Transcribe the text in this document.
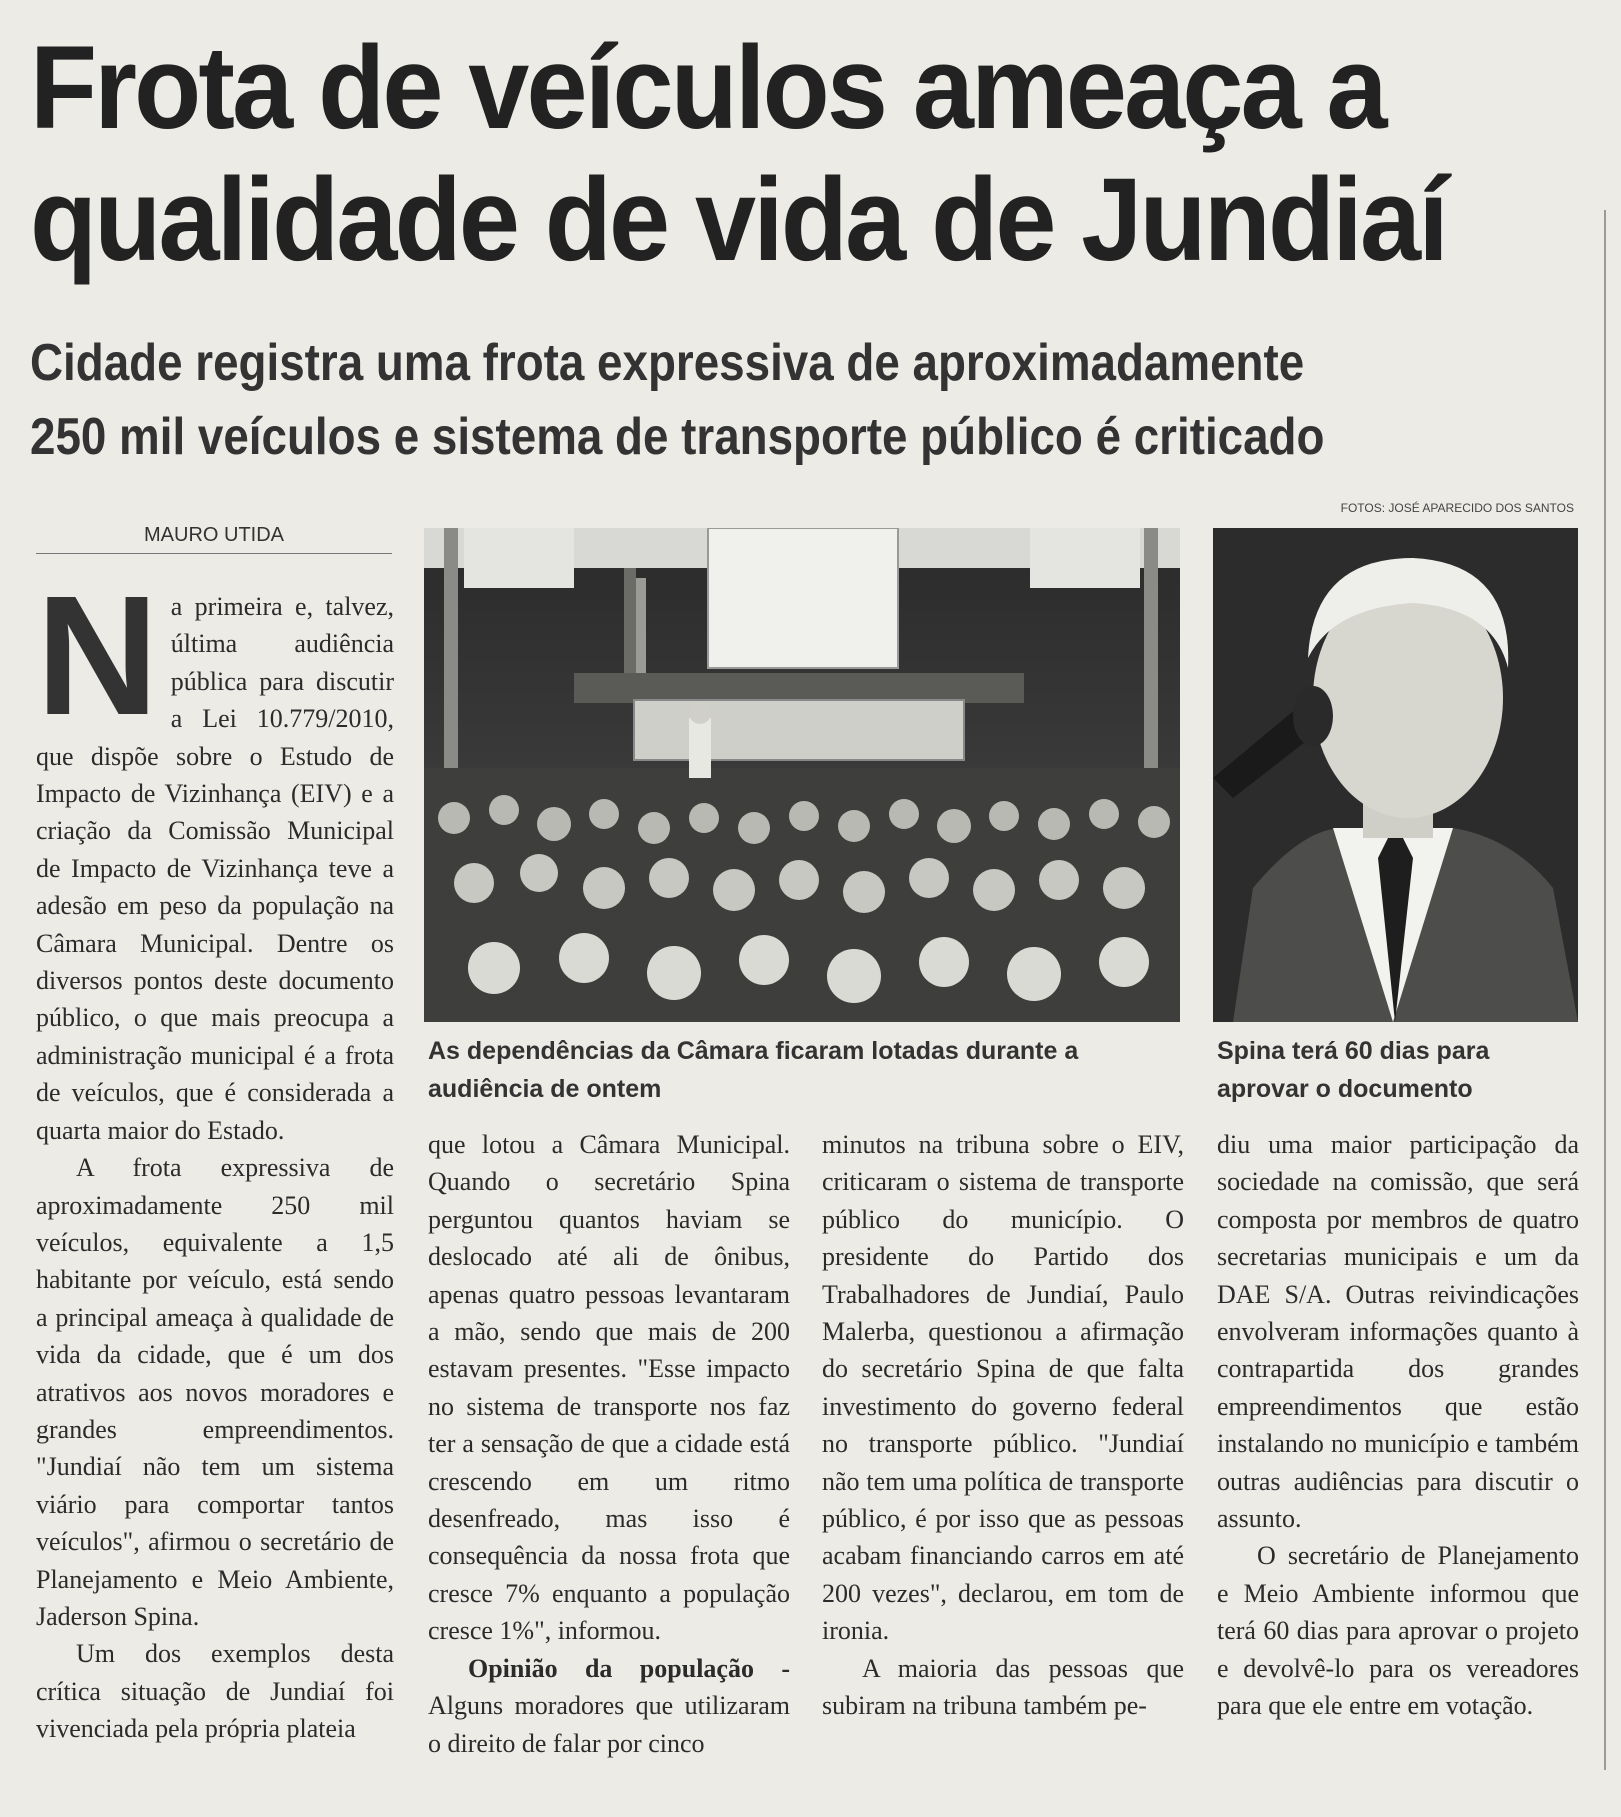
Frota de veículos ameaça a qualidade de vida de Jundiaí
Cidade registra uma frota expressiva de aproximadamente 250 mil veículos e sistema de transporte público é criticado
FOTOS: JOSÉ APARECIDO DOS SANTOS
MAURO UTIDA

As dependências da Câmara ficaram lotadas durante a audiência de ontem

Spina terá 60 dias para aprovar o documento

Na primeira e, talvez, última audiência pública para discutir a Lei 10.779/2010, que dispõe sobre o Estudo de Impacto de Vizinhança (EIV) e a criação da Comissão Municipal de Impacto de Vizinhança teve a adesão em peso da população na Câmara Municipal. Dentre os diversos pontos deste documento público, o que mais preocupa a administração municipal é a frota de veículos, que é considerada a quarta maior do Estado.

A frota expressiva de aproximadamente 250 mil veículos, equivalente a 1,5 habitante por veículo, está sendo a principal ameaça à qualidade de vida da cidade, que é um dos atrativos aos novos moradores e grandes empreendimentos. "Jundiaí não tem um sistema viário para comportar tantos veículos", afirmou o secretário de Planejamento e Meio Ambiente, Jaderson Spina.

Um dos exemplos desta crítica situação de Jundiaí foi vivenciada pela própria plateia

que lotou a Câmara Municipal. Quando o secretário Spina perguntou quantos haviam se deslocado até ali de ônibus, apenas quatro pessoas levantaram a mão, sendo que mais de 200 estavam presentes. "Esse impacto no sistema de transporte nos faz ter a sensação de que a cidade está crescendo em um ritmo desenfreado, mas isso é consequência da nossa frota que cresce 7% enquanto a população cresce 1%", informou.

Opinião da população - Alguns moradores que utilizaram o direito de falar por cinco

minutos na tribuna sobre o EIV, criticaram o sistema de transporte público do município. O presidente do Partido dos Trabalhadores de Jundiaí, Paulo Malerba, questionou a afirmação do secretário Spina de que falta investimento do governo federal no transporte público. "Jundiaí não tem uma política de transporte público, é por isso que as pessoas acabam financiando carros em até 200 vezes", declarou, em tom de ironia.

A maioria das pessoas que subiram na tribuna também pe-

diu uma maior participação da sociedade na comissão, que será composta por membros de quatro secretarias municipais e um da DAE S/A. Outras reivindicações envolveram informações quanto à contrapartida dos grandes empreendimentos que estão instalando no município e também outras audiências para discutir o assunto.

O secretário de Planejamento e Meio Ambiente informou que terá 60 dias para aprovar o projeto e devolvê-lo para os vereadores para que ele entre em votação.
